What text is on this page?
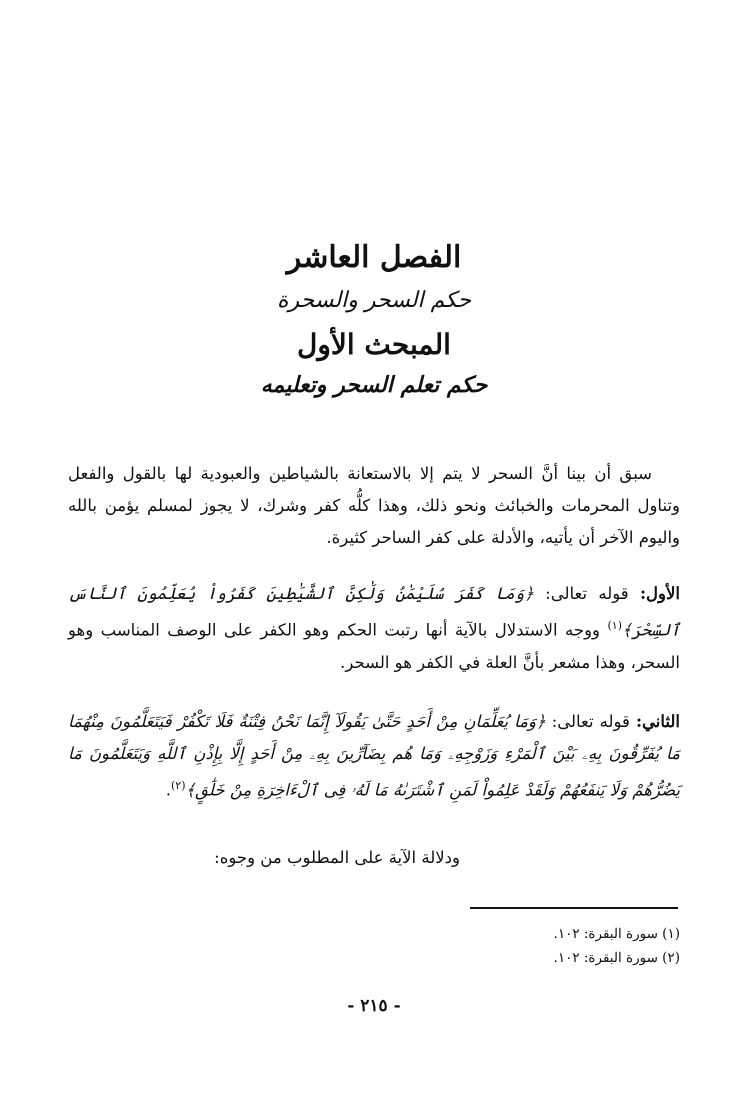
الفصل العاشر
حكم السحر والسحرة
المبحث الأول
حكم تعلم السحر وتعليمه

سبق أن بينا أنَّ السحر لا يتم إلا بالاستعانة بالشياطين والعبودية لها بالقول والفعل وتناول المحرمات والخبائث ونحو ذلك، وهذا كلُّه كفر وشرك، لا يجوز لمسلم يؤمن بالله واليوم الآخر أن يأتيه، والأدلة على كفر الساحر كثيرة.

الأول: قوله تعالى: ﴿وَمَا كَفَرَ سُلَيْمَٰنُ وَلَٰكِنَّ ٱلشَّيَٰطِينَ كَفَرُواْ يُعَلِّمُونَ ٱلنَّاسَ ٱلسِّحْرَ﴾$^{(١)}$ ووجه الاستدلال بالآية أنها رتبت الحكم وهو الكفر على الوصف المناسب وهو السحر، وهذا مشعر بأنَّ العلة في الكفر هو السحر.

الثاني: قوله تعالى: ﴿وَمَا يُعَلِّمَانِ مِنْ أَحَدٍ حَتَّىٰ يَقُولَآ إِنَّمَا نَحْنُ فِتْنَةٌ فَلَا تَكْفُرْ فَيَتَعَلَّمُونَ مِنْهُمَا مَا يُفَرِّقُونَ بِهِۦ بَيْنَ ٱلْمَرْءِ وَزَوْجِهِۦ وَمَا هُم بِضَآرِّينَ بِهِۦ مِنْ أَحَدٍ إِلَّا بِإِذْنِ ٱللَّهِ وَيَتَعَلَّمُونَ مَا يَضُرُّهُمْ وَلَا يَنفَعُهُمْ وَلَقَدْ عَلِمُواْ لَمَنِ ٱشْتَرَىٰهُ مَا لَهُۥ فِى ٱلْءَاخِرَةِ مِنْ خَلَٰقٍ﴾$^{(٢)}$.

ودلالة الآية على المطلوب من وجوه:

(١) سورة البقرة: ١٠٢.
(٢) سورة البقرة: ١٠٢.
- ٢١٥ -
